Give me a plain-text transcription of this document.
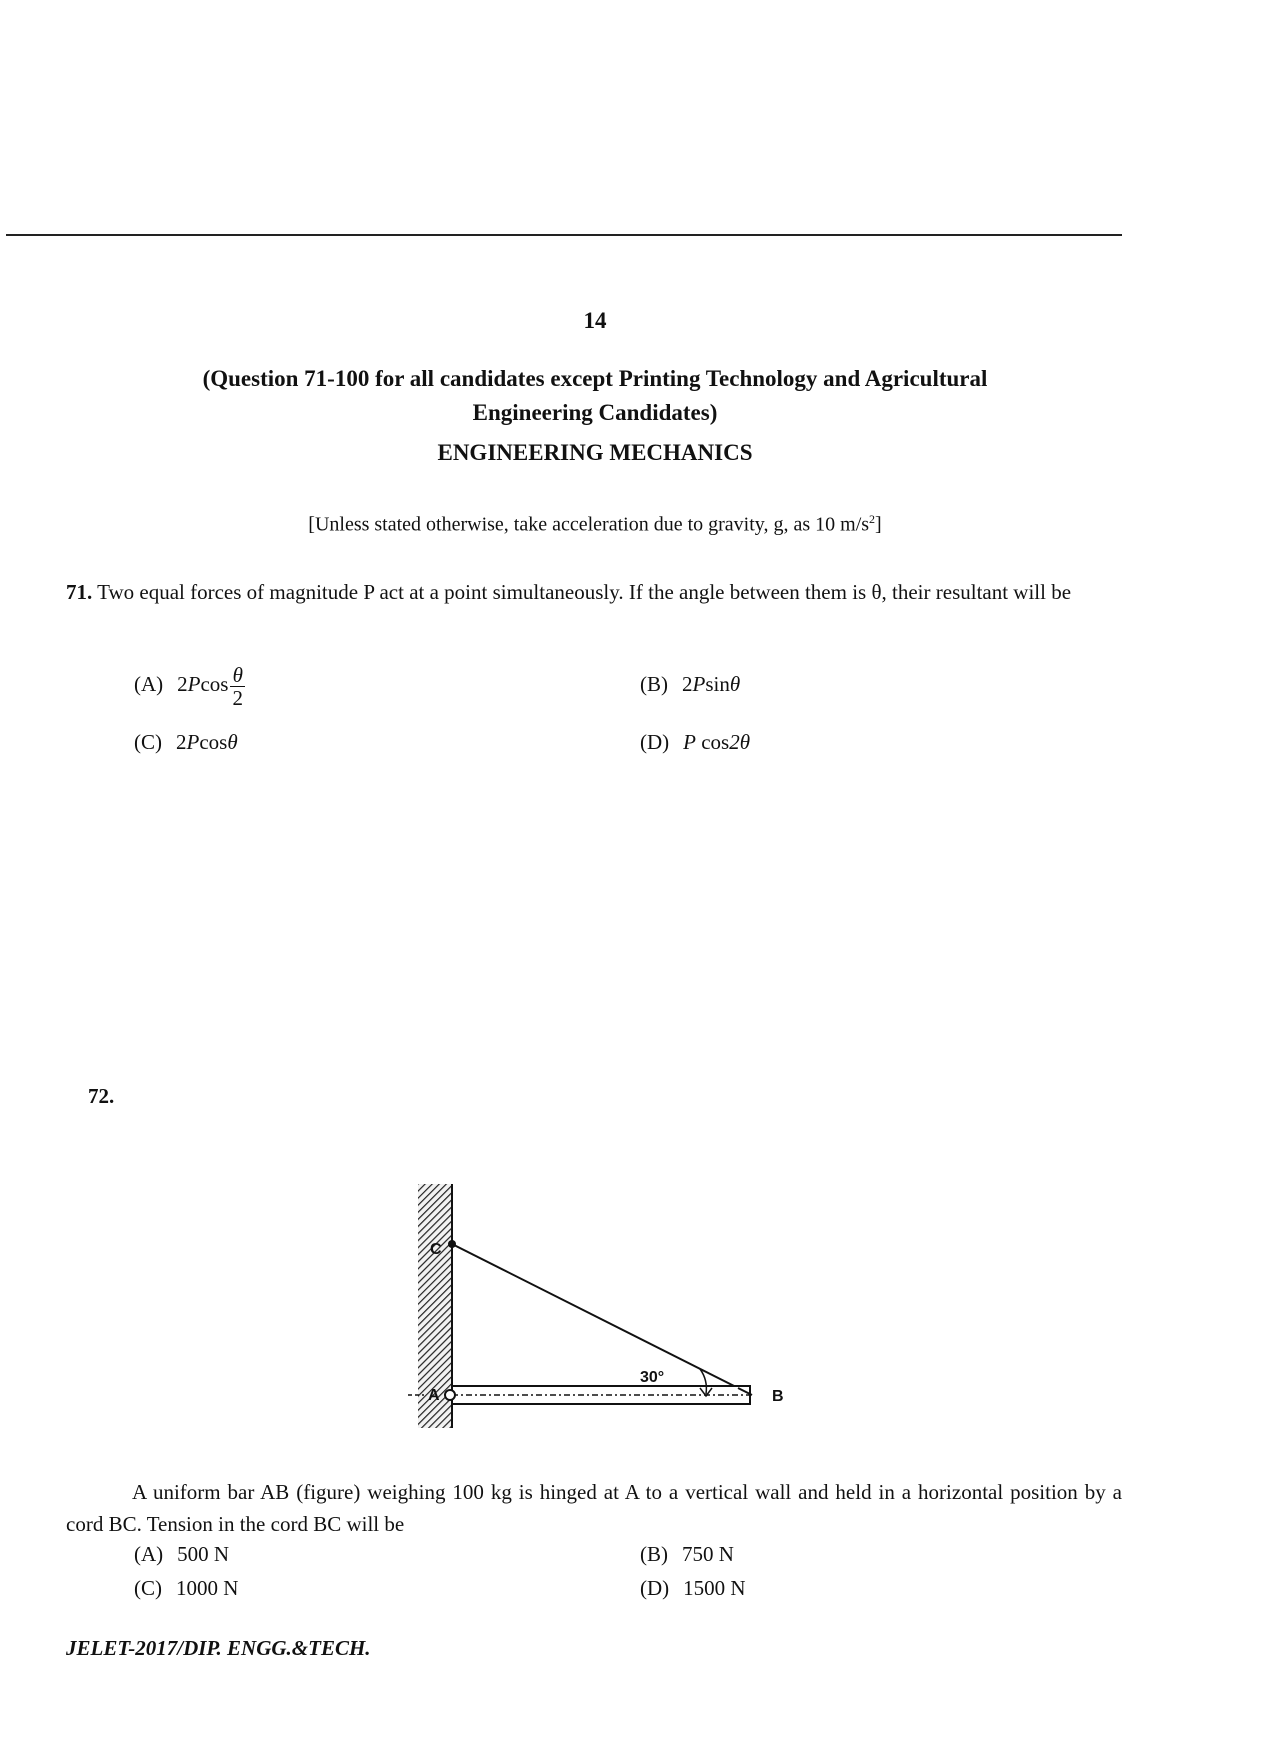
14
(Question 71-100 for all candidates except Printing Technology and Agricultural Engineering Candidates)
ENGINEERING MECHANICS
[Unless stated otherwise, take acceleration due to gravity, g, as 10 $m/s^2$]
71. Two equal forces of magnitude P act at a point simultaneously. If the angle between them is θ, their resultant will be
(A) $2Pcos \frac{\theta}{2}$	(B) 2Psinθ
(C) 2Pcosθ	(D) P cos2θ
72.
C
A	B
30°
A uniform bar AB (figure) weighing 100 kg is hinged at A to a vertical wall and held in a horizontal position by a cord BC. Tension in the cord BC will be
(A) 500 N	(B) 750 N
(C) 1000 N	(D) 1500 N
JELET-2017/DIP. ENGG.&TECH.
